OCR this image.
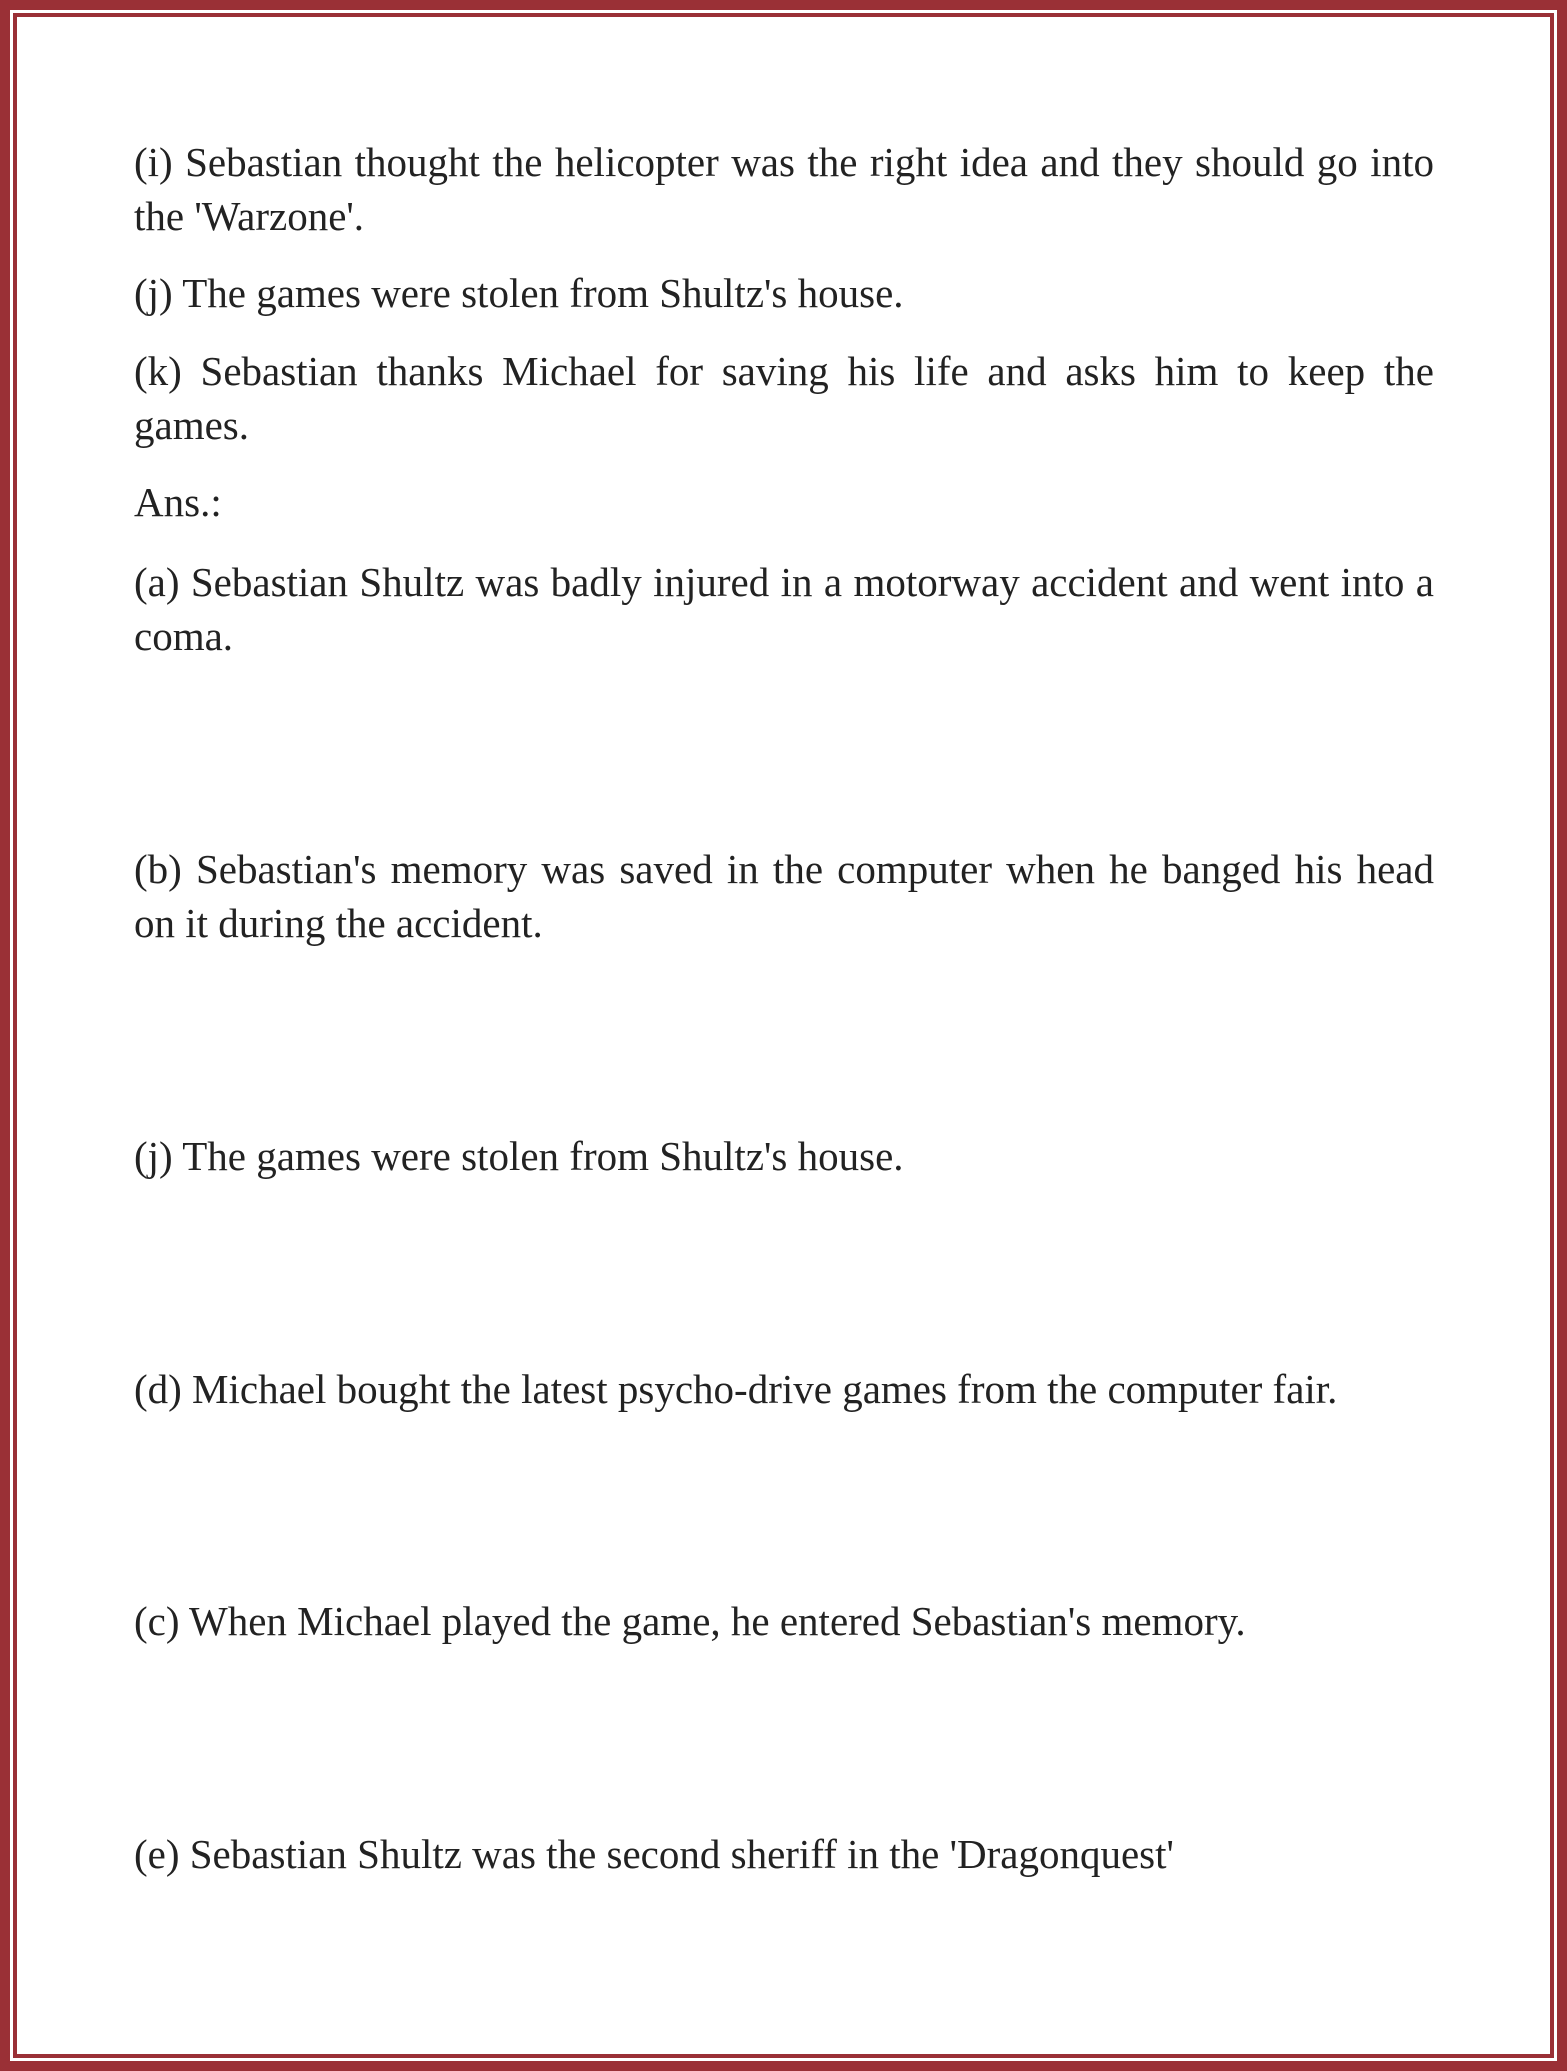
(i) Sebastian thought the helicopter was the right idea and they should go into the 'Warzone'.

(j) The games were stolen from Shultz's house.

(k) Sebastian thanks Michael for saving his life and asks him to keep the games.

Ans.:

(a) Sebastian Shultz was badly injured in a motorway accident and went into a coma.

(b) Sebastian's memory was saved in the computer when he banged his head on it during the accident.

(j) The games were stolen from Shultz's house.

(d) Michael bought the latest psycho-drive games from the computer fair.

(c) When Michael played the game, he entered Sebastian's memory.

(e) Sebastian Shultz was the second sheriff in the 'Dragonquest'
